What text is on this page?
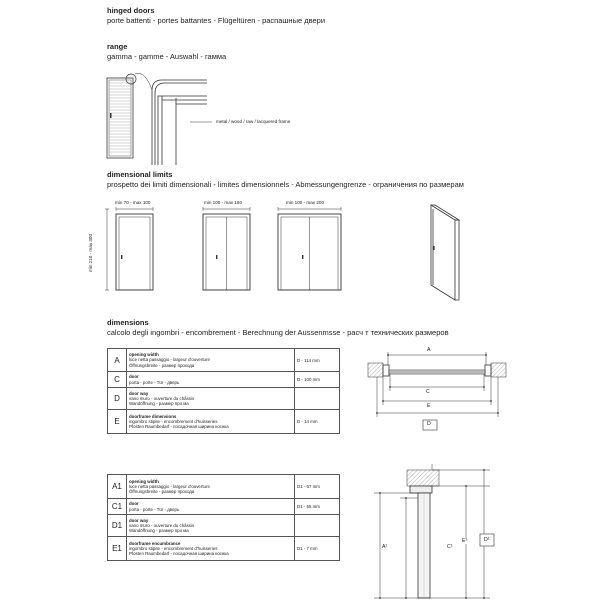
hinged doors
porte battenti - portes battantes - Flügeltüren - распашные двери
range
gamma - gamme - Auswahl - гамма
metal / wood / raw / lacquered frame
dimensional limits
prospetto dei limiti dimensionali - limites dimensionnels - Abmessungengrenze - ограничения по размерам
min 70 - max 100	min 100 - max 160	min 100 - max 200
min 210 - max 300
dimensions
calcolo degli ingombri - encombrement - Berechnung der Aussenmsse - расч т технических размеров
A	opening width
luce netta passaggio - largeur d'ouverture
Öffnungsbreite - размер прохода	D - 114 mm
C	door
porta - porte - Tür - дверь	D - 100 mm
D	door way
vano muro - ouverture du châssis
Wandöffnung - размер про ма	

E	doorframe dimensions
ingombro stipite - encombrement d'huisseries
Pfosten Raumbedarf - посадочная ширина коснка	D - 14 mm
A
C
E
D
A1	opening width
luce netta passaggio - largeur d'ouverture
Öffnungsbreite - размер прохода	D1 - 57 mm
C1	door
porta - porte - Tür - дверь	D1 - 55 mm
D1	door way
vano muro - ouverture du châssis
Wandöffnung - размер про ма	

E1	doorframe encumbrance
ingombro stipite - encombrement d'huisseries
Pfosten Raumbedarf - посадочная ширина коснка	D1 - 7 mm	A¹	C¹
E¹	D¹
